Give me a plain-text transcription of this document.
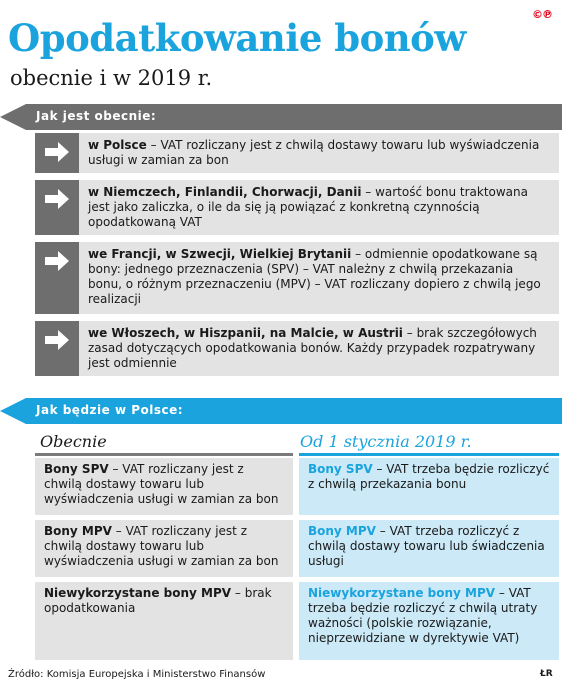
Opodatkowanie bonów
obecnie i w 2019 r.
©℗
Jak jest obecnie:
w Polsce – VAT rozliczany jest z chwilą dostawy towaru lub wyświadczenia usługi w zamian za bon
w Niemczech, Finlandii, Chorwacji, Danii – wartość bonu traktowana jest jako zaliczka, o ile da się ją powiązać z konkretną czynnością opodatkowaną VAT
we Francji, w Szwecji, Wielkiej Brytanii – odmiennie opodatkowane są bony: jednego przeznaczenia (SPV) – VAT należny z chwilą przekazania bonu, o różnym przeznaczeniu (MPV) – VAT rozliczany dopiero z chwilą jego realizacji
we Włoszech, w Hiszpanii, na Malcie, w Austrii – brak szczegółowych zasad dotyczących opodatkowania bonów. Każdy przypadek rozpatrywany jest odmiennie
Jak będzie w Polsce:
Obecnie	Od 1 stycznia 2019 r.
Bony SPV – VAT rozliczany jest z chwilą dostawy towaru lub wyświadczenia usługi w zamian za bon
Bony MPV – VAT rozliczany jest z chwilą dostawy towaru lub wyświadczenia usługi w zamian za bon
Niewykorzystane bony MPV – brak opodatkowania
Bony SPV – VAT trzeba będzie rozliczyć z chwilą przekazania bonu
Bony MPV – VAT trzeba rozliczyć z chwilą dostawy towaru lub świadczenia usługi
Niewykorzystane bony MPV – VAT trzeba będzie rozliczyć z chwilą utraty ważności (polskie rozwiązanie, nieprzewidziane w dyrektywie VAT)
Źródło: Komisja Europejska i Ministerstwo Finansów	ŁR
